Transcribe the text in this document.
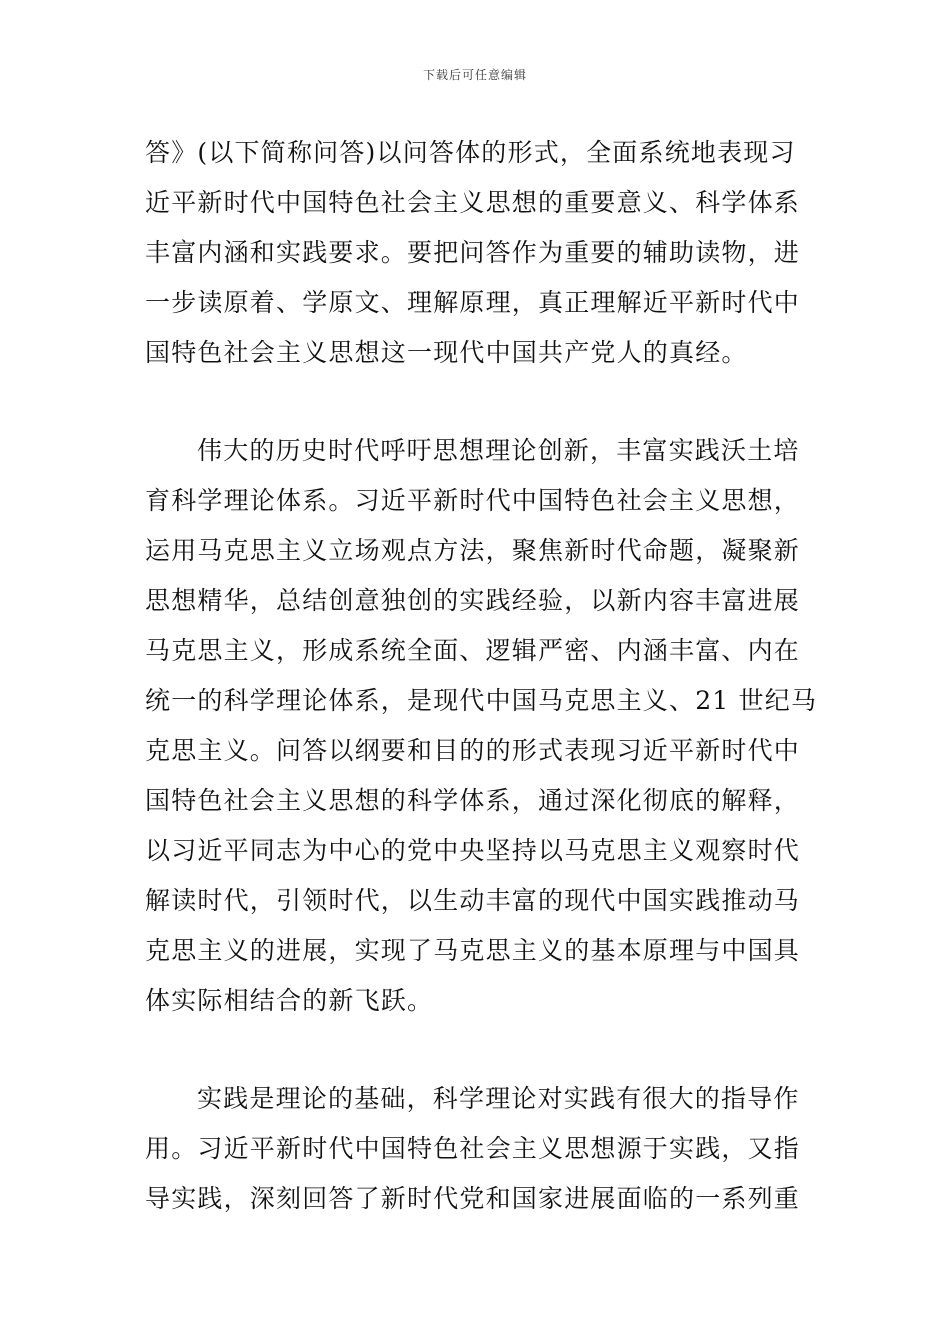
下载后可任意编辑
答》(以下简称问答)以问答体的形式，全面系统地表现习
近平新时代中国特色社会主义思想的重要意义、科学体系
丰富内涵和实践要求。要把问答作为重要的辅助读物，进
一步读原着、学原文、理解原理，真正理解近平新时代中
国特色社会主义思想这一现代中国共产党人的真经。
伟大的历史时代呼吁思想理论创新，丰富实践沃土培
育科学理论体系。习近平新时代中国特色社会主义思想，
运用马克思主义立场观点方法，聚焦新时代命题，凝聚新
思想精华，总结创意独创的实践经验，以新内容丰富进展
马克思主义，形成系统全面、逻辑严密、内涵丰富、内在
统一的科学理论体系，是现代中国马克思主义、21 世纪马
克思主义。问答以纲要和目的的形式表现习近平新时代中
国特色社会主义思想的科学体系，通过深化彻底的解释，
以习近平同志为中心的党中央坚持以马克思主义观察时代
解读时代，引领时代，以生动丰富的现代中国实践推动马
克思主义的进展，实现了马克思主义的基本原理与中国具
体实际相结合的新飞跃。
实践是理论的基础，科学理论对实践有很大的指导作
用。习近平新时代中国特色社会主义思想源于实践，又指
导实践，深刻回答了新时代党和国家进展面临的一系列重
